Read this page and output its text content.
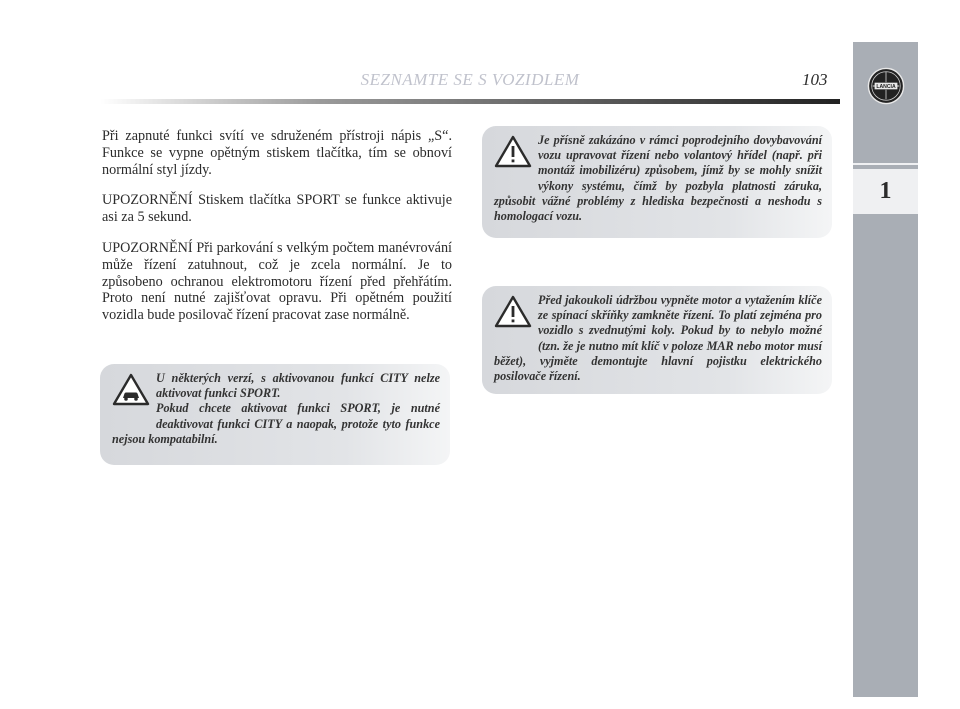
SEZNAMTE SE S VOZIDLEM	103	LANCIA
1

Při zapnuté funkci svítí ve sdruženém přístroji nápis „S“. Funkce se vypne opětným stiskem tlačítka, tím se obnoví normální styl jízdy.

UPOZORNĚNÍ Stiskem tlačítka SPORT se funkce aktivuje asi za 5 sekund.

UPOZORNĚNÍ Při parkování s velkým počtem manévrování může řízení zatuhnout, což je zcela normální. Je to způsobeno ochranou elektromotoru řízení před přehřátím. Proto není nutné zajišťovat opravu. Při opětném použití vozidla bude posilovač řízení pracovat zase normálně.

U některých verzí, s aktivovanou funkcí CITY nelze aktivovat funkci SPORT.

Pokud chcete aktivovat funkci SPORT, je nutné deaktivovat funkci CITY a naopak, protože tyto funkce nejsou kompatabilní.

Je přísně zakázáno v rámci poprodejního dovybavování vozu upravovat řízení nebo volantový hřídel (např. při montáž imobilizéru) způsobem, jímž by se mohly snížit výkony systému, čímž by pozbyla platnosti záruka, způsobit vážné problémy z hlediska bezpečnosti a neshodu s homologací vozu.

Před jakoukoli údržbou vypněte motor a vytažením klíče ze spínací skříňky zamkněte řízení. To platí zejména pro vozidlo s zvednutými koly. Pokud by to nebylo možné (tzn. že je nutno mít klíč v poloze MAR nebo motor musí běžet), vyjměte demontujte hlavní pojistku elektrického posilovače řízení.
